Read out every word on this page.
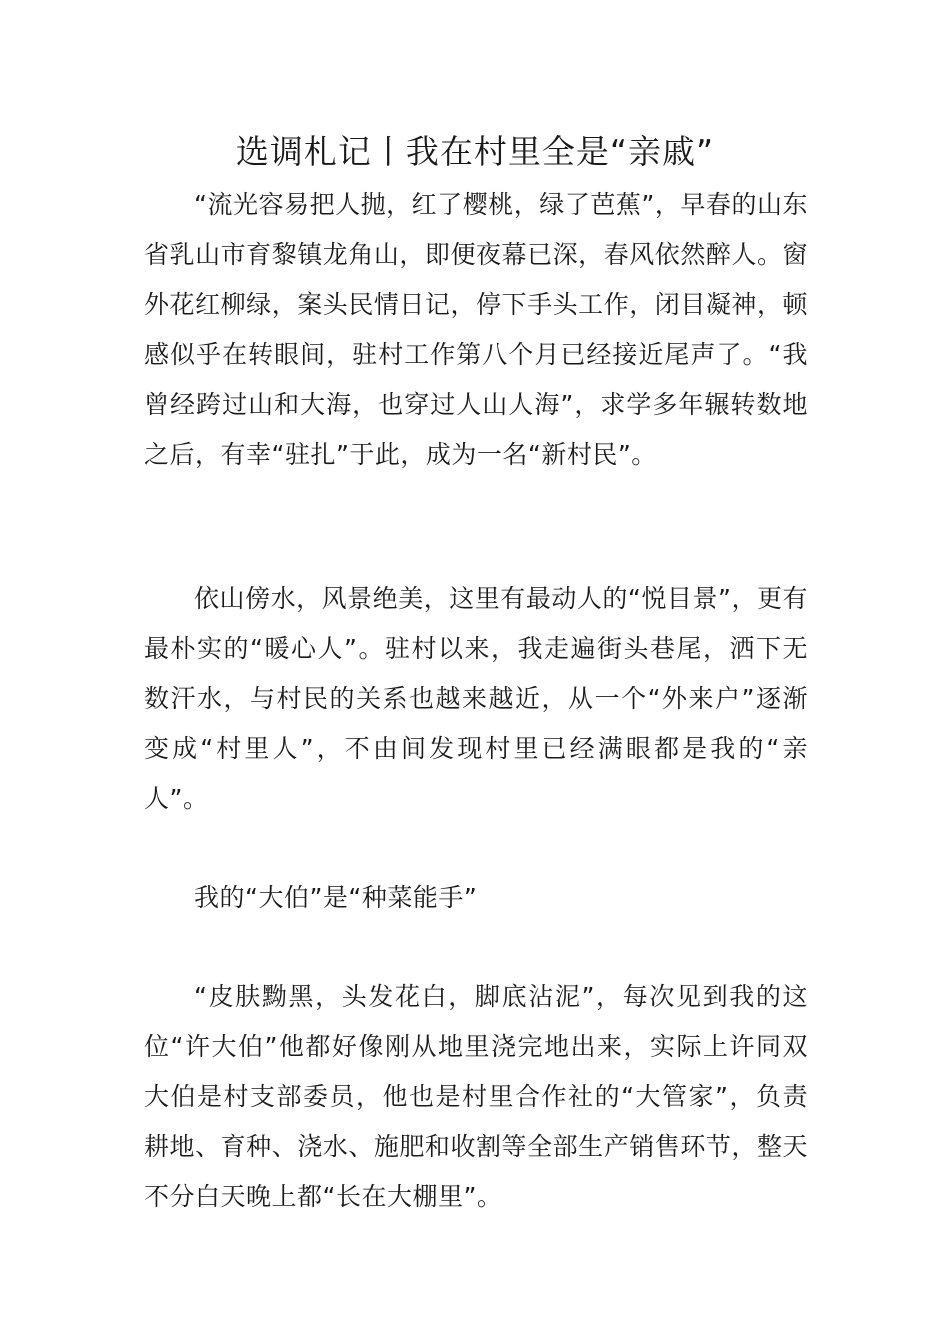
选调札记丨我在村里全是“亲戚”

“流光容易把人抛，红了樱桃，绿了芭蕉”，早春的山东省乳山市育黎镇龙角山，即便夜幕已深，春风依然醉人。窗外花红柳绿，案头民情日记，停下手头工作，闭目凝神，顿感似乎在转眼间，驻村工作第八个月已经接近尾声了。“我曾经跨过山和大海，也穿过人山人海”，求学多年辗转数地之后，有幸“驻扎”于此，成为一名“新村民”。

依山傍水，风景绝美，这里有最动人的“悦目景”，更有最朴实的“暖心人”。驻村以来，我走遍街头巷尾，洒下无数汗水，与村民的关系也越来越近，从一个“外来户”逐渐变成“村里人”，不由间发现村里已经满眼都是我的“亲人”。

我的“大伯”是“种菜能手”

“皮肤黝黑，头发花白，脚底沾泥”，每次见到我的这位“许大伯”他都好像刚从地里浇完地出来，实际上许同双大伯是村支部委员，他也是村里合作社的“大管家”，负责耕地、育种、浇水、施肥和收割等全部生产销售环节，整天不分白天晚上都“长在大棚里”。
